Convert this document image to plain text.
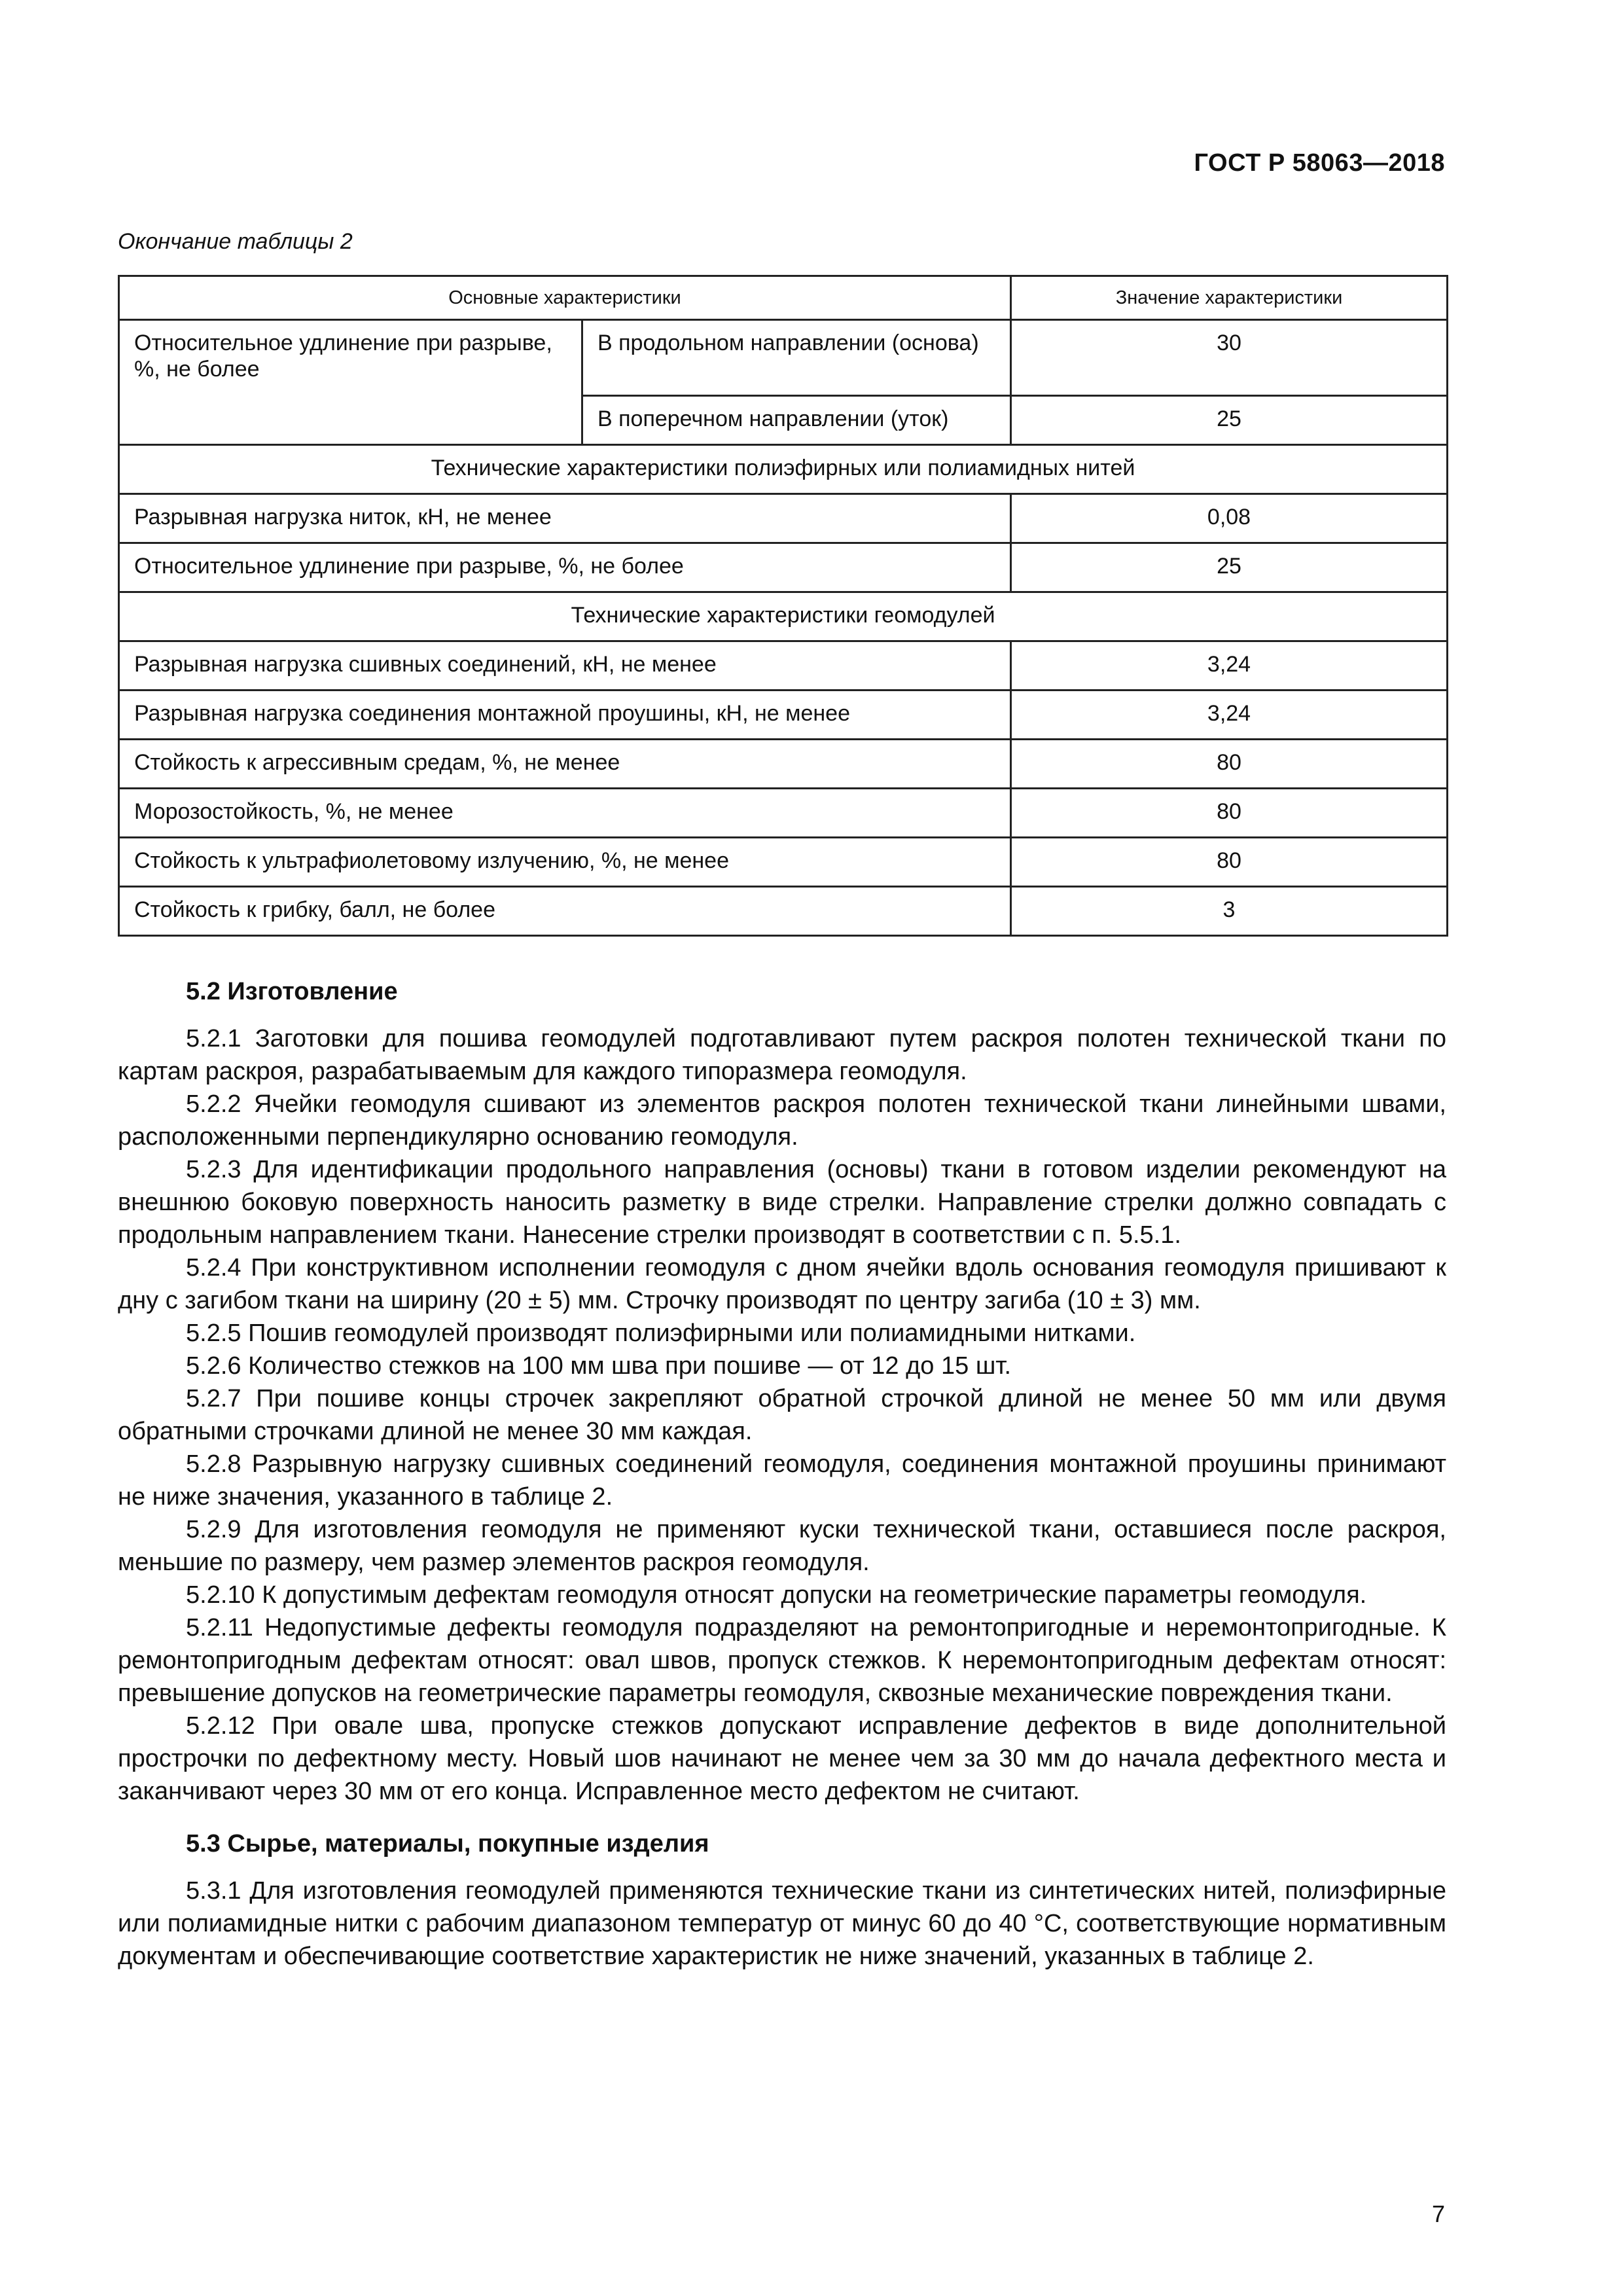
ГОСТ Р 58063—2018
Окончание таблицы 2
Основные характеристики		Значение характеристики
Относительное удлинение при разрыве, %, не более	В продольном направлении (основа)	30
	В поперечном направлении (уток)	25
Технические характеристики полиэфирных или полиамидных нитей		
Разрывная нагрузка ниток, кН, не менее		0,08
Относительное удлинение при разрыве, %, не более		25
Технические характеристики геомодулей		
Разрывная нагрузка сшивных соединений, кН, не менее		3,24
Разрывная нагрузка соединения монтажной проушины, кН, не менее		3,24
Стойкость к агрессивным средам, %, не менее		80
Морозостойкость, %, не менее		80
Стойкость к ультрафиолетовому излучению, %, не менее		80
Стойкость к грибку, балл, не более		3
5.2 Изготовление

5.2.1 Заготовки для пошива геомодулей подготавливают путем раскроя полотен технической ткани по картам раскроя, разрабатываемым для каждого типоразмера геомодуля.

5.2.2 Ячейки геомодуля сшивают из элементов раскроя полотен технической ткани линейными швами, расположенными перпендикулярно основанию геомодуля.

5.2.3 Для идентификации продольного направления (основы) ткани в готовом изделии рекомендуют на внешнюю боковую поверхность наносить разметку в виде стрелки. Направление стрелки должно совпадать с продольным направлением ткани. Нанесение стрелки производят в соответствии с п. 5.5.1.

5.2.4 При конструктивном исполнении геомодуля с дном ячейки вдоль основания геомодуля пришивают к дну с загибом ткани на ширину (20 ± 5) мм. Строчку производят по центру загиба (10 ± 3) мм.

5.2.5 Пошив геомодулей производят полиэфирными или полиамидными нитками.

5.2.6 Количество стежков на 100 мм шва при пошиве — от 12 до 15 шт.

5.2.7 При пошиве концы строчек закрепляют обратной строчкой длиной не менее 50 мм или двумя обратными строчками длиной не менее 30 мм каждая.

5.2.8 Разрывную нагрузку сшивных соединений геомодуля, соединения монтажной проушины принимают не ниже значения, указанного в таблице 2.

5.2.9 Для изготовления геомодуля не применяют куски технической ткани, оставшиеся после раскроя, меньшие по размеру, чем размер элементов раскроя геомодуля.

5.2.10 К допустимым дефектам геомодуля относят допуски на геометрические параметры геомодуля.

5.2.11 Недопустимые дефекты геомодуля подразделяют на ремонтопригодные и неремонтопригодные. К ремонтопригодным дефектам относят: овал швов, пропуск стежков. К неремонтопригодным дефектам относят: превышение допусков на геометрические параметры геомодуля, сквозные механические повреждения ткани.

5.2.12 При овале шва, пропуске стежков допускают исправление дефектов в виде дополнительной прострочки по дефектному месту. Новый шов начинают не менее чем за 30 мм до начала дефектного места и заканчивают через 30 мм от его конца. Исправленное место дефектом не считают.

5.3 Сырье, материалы, покупные изделия

5.3.1 Для изготовления геомодулей применяются технические ткани из синтетических нитей, полиэфирные или полиамидные нитки с рабочим диапазоном температур от минус 60 до 40 °С, соответствующие нормативным документам и обеспечивающие соответствие характеристик не ниже значений, указанных в таблице 2.

7
